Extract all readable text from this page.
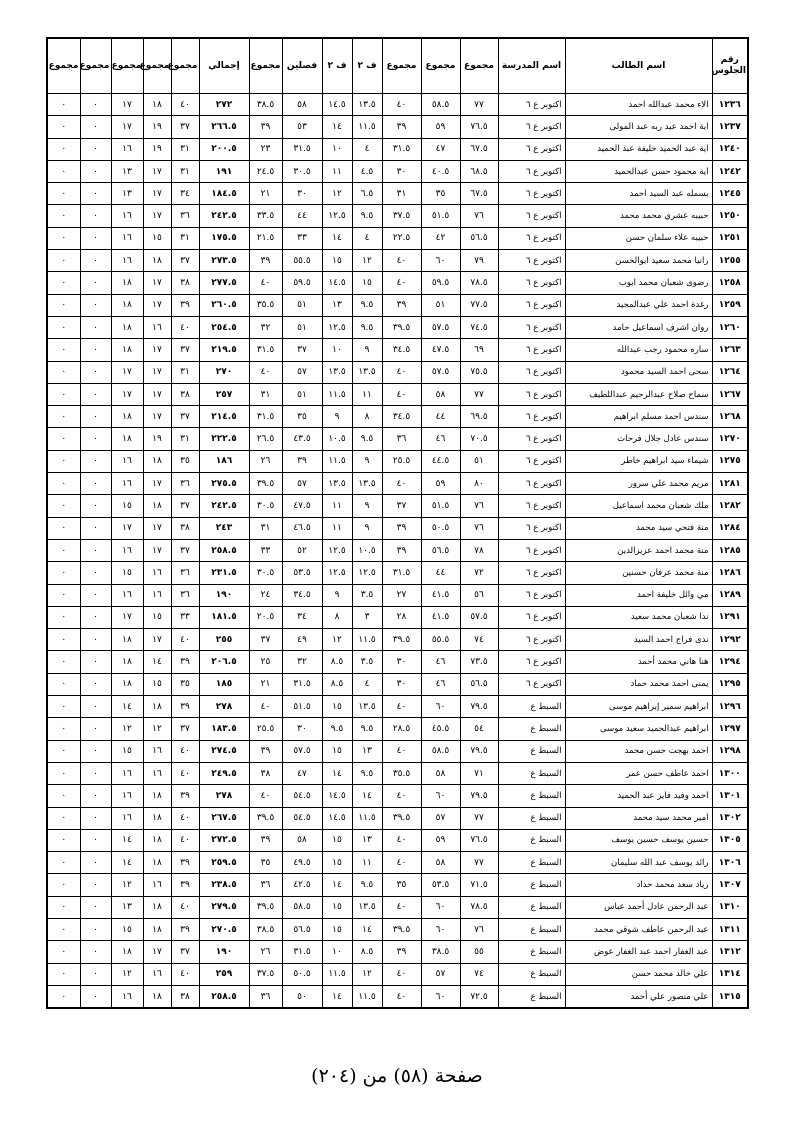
رقم الجلوس	اسم الطالب	اسم المدرسة	مجموع	مجموع	مجموع	ف ٢	ف ٢	فصلين	مجموع	إجمالي	مجموع	مجموع	مجموع	مجموع	مجموع
١٢٣٦	الاء محمد عبدالله احمد	اكتوبر ع ٦	٧٧	٥٨.٥	٤٠	١٣.٥	١٤.٥	٥٨	٣٨.٥	٢٧٢	٤٠	١٨	١٧	٠	٠
١٢٣٧	اية احمد عبد ربه عبد المولى	اكتوبر ع ٦	٧٦.٥	٥٩	٣٩	١١.٥	١٤	٥٣	٣٩	٢٦٦.٥	٣٧	١٩	١٧	٠	٠
١٢٤٠	اية عبد الحميد خليفة عبد الحميد	اكتوبر ع ٦	٦٧.٥	٤٧	٣١.٥	٤	١٠	٣١.٥	٢٣	٢٠٠.٥	٣١	١٩	١٦	٠	٠
١٢٤٢	اية محمود حسن عبدالحميد	اكتوبر ع ٦	٦٨.٥	٤٠.٥	٣٠	٤.٥	١١	٣٠.٥	٢٤.٥	١٩١	٣١	١٧	١٣	٠	٠
١٢٤٥	بسمله عبد السيد احمد	اكتوبر ع ٦	٦٧.٥	٣٥	٣١	٦.٥	١٢	٣٠	٢١	١٨٤.٥	٣٤	١٧	١٣	٠	٠
١٢٥٠	حبيبه عشري محمد محمد	اكتوبر ع ٦	٧٦	٥١.٥	٣٧.٥	٩.٥	١٢.٥	٤٤	٣٣.٥	٢٤٢.٥	٣٦	١٧	١٦	٠	٠
١٢٥١	حبيبه علاء سلمان حسن	اكتوبر ع ٦	٥٦.٥	٤٢	٢٢.٥	٤	١٤	٣٣	٢١.٥	١٧٥.٥	٣١	١٥	١٦	٠	٠
١٢٥٥	رانيا محمد سعيد ابوالحسن	اكتوبر ع ٦	٧٩	٦٠	٤٠	١٢	١٥	٥٥.٥	٣٩	٢٧٣.٥	٣٧	١٨	١٦	٠	٠
١٢٥٨	رضوى شعبان محمد ايوب	اكتوبر ع ٦	٧٨.٥	٥٩.٥	٤٠	١٥	١٤.٥	٥٩.٥	٤٠	٢٧٧.٥	٣٨	١٧	١٨	٠	٠
١٢٥٩	رغدة احمد علي عبدالمجيد	اكتوبر ع ٦	٧٧.٥	٥١	٣٩	٩.٥	١٣	٥١	٣٥.٥	٢٦٠.٥	٣٩	١٧	١٨	٠	٠
١٢٦٠	روان اشرف اسماعيل حامد	اكتوبر ع ٦	٧٤.٥	٥٧.٥	٣٩.٥	٩.٥	١٢.٥	٥١	٣٢	٢٥٤.٥	٤٠	١٦	١٨	٠	٠
١٢٦٣	ساره محمود رجب عبدالله	اكتوبر ع ٦	٦٩	٤٧.٥	٣٤.٥	٩	١٠	٣٧	٣١.٥	٢١٩.٥	٣٧	١٧	١٨	٠	٠
١٢٦٤	سحى احمد السيد محمود	اكتوبر ع ٦	٧٥.٥	٥٧.٥	٤٠	١٣.٥	١٣.٥	٥٧	٤٠	٢٧٠	٣١	١٧	١٧	٠	٠
١٢٦٧	سماح صلاح عبدالرحيم عبداللطيف	اكتوبر ع ٦	٧٧	٥٨	٤٠	١١	١١.٥	٥١	٣١	٢٥٧	٣٨	١٧	١٧	٠	٠
١٢٦٨	سندس احمد مسلم ابراهيم	اكتوبر ع ٦	٦٩.٥	٤٤	٣٤.٥	٨	٩	٣٥	٣١.٥	٢١٤.٥	٣٧	١٧	١٨	٠	٠
١٢٧٠	سندس عادل جلال فرحات	اكتوبر ع ٦	٧٠.٥	٤٦	٣٦	٩.٥	١٠.٥	٤٣.٥	٢٦.٥	٢٢٢.٥	٣١	١٩	١٨	٠	٠
١٢٧٥	شيماء سيد ابراهيم خاطر	اكتوبر ع ٦	٥١	٤٤.٥	٢٥.٥	٩	١١.٥	٣٩	٢٦	١٨٦	٣٥	١٨	١٦	٠	٠
١٢٨١	مريم محمد علي سرور	اكتوبر ع ٦	٨٠	٥٩	٤٠	١٣.٥	١٣.٥	٥٧	٣٩.٥	٢٧٥.٥	٣٦	١٧	١٦	٠	٠
١٢٨٢	ملك شعبان محمد اسماعيل	اكتوبر ع ٦	٧٦	٥١.٥	٣٧	٩	١١	٤٧.٥	٣٠.٥	٢٤٢.٥	٣٧	١٨	١٥	٠	٠
١٢٨٤	منة فتحي سيد محمد	اكتوبر ع ٦	٧٦	٥٠.٥	٣٩	٩	١١	٤٦.٥	٣١	٢٤٣	٣٨	١٧	١٧	٠	٠
١٢٨٥	منة محمد احمد عزيزالدين	اكتوبر ع ٦	٧٨	٥٦.٥	٣٩	١٠.٥	١٢.٥	٥٢	٣٣	٢٥٨.٥	٣٧	١٧	١٦	٠	٠
١٢٨٦	منة محمد عرفان حسنين	اكتوبر ع ٦	٧٢	٤٤	٣١.٥	١٢.٥	١٢.٥	٥٣.٥	٣٠.٥	٢٣١.٥	٣٦	١٦	١٥	٠	٠
١٢٨٩	مي وائل خليفة احمد	اكتوبر ع ٦	٥٦	٤١.٥	٢٧	٣.٥	٩	٣٤.٥	٢٤	١٩٠	٣٦	١٦	١٦	٠	٠
١٢٩١	ندا شعبان محمد سعيد	اكتوبر ع ٦	٥٧.٥	٤١.٥	٢٨	٣	٨	٣٤	٢٠.٥	١٨١.٥	٣٣	١٥	١٧	٠	٠
١٢٩٢	ندى فراج احمد السيد	اكتوبر ع ٦	٧٤	٥٥.٥	٣٩.٥	١١.٥	١٢	٤٩	٣٧	٢٥٥	٤٠	١٧	١٨	٠	٠
١٢٩٤	هنا هاني محمد أحمد	اكتوبر ع ٦	٧٣.٥	٤٦	٣٠	٣.٥	٨.٥	٣٢	٢٥	٢٠٦.٥	٣٩	١٤	١٨	٠	٠
١٢٩٥	يمنى احمد محمد حماد	اكتوبر ع ٦	٥٦.٥	٤٦	٣٠	٤	٨.٥	٣١.٥	٢١	١٨٥	٣٥	١٥	١٨	٠	٠
١٢٩٦	ابراهيم سمير إبراهيم موسى	السبط ع	٧٩.٥	٦٠	٤٠	١٣.٥	١٥	٥١.٥	٤٠	٢٧٨	٣٩	١٨	١٤	٠	٠
١٢٩٧	ابراهيم عبدالحميد سعيد موسى	السبط ع	٥٤	٤٥.٥	٢٨.٥	٩.٥	٩.٥	٣٠	٢٥.٥	١٨٣.٥	٣٧	١٢	١٢	٠	٠
١٢٩٨	احمد بهجت حسن محمد	السبط ع	٧٩.٥	٥٨.٥	٤٠	١٣	١٥	٥٧.٥	٣٩	٢٧٤.٥	٤٠	١٦	١٥	٠	٠
١٣٠٠	احمد عاطف حسن عمر	السبط ع	٧١	٥٨	٣٥.٥	٩.٥	١٤	٤٧	٣٨	٢٤٩.٥	٤٠	١٦	١٦	٠	٠
١٣٠١	احمد وفيد فايز عبد الحميد	السبط ع	٧٩.٥	٦٠	٤٠	١٤	١٤.٥	٥٤.٥	٤٠	٢٧٨	٣٩	١٨	١٦	٠	٠
١٣٠٢	امير محمد سيد محمد	السبط ع	٧٧	٥٧	٣٩.٥	١١.٥	١٤.٥	٥٤.٥	٣٩.٥	٢٦٧.٥	٤٠	١٨	١٦	٠	٠
١٣٠٥	حسين يوسف حسين يوسف	السبط ع	٧٦.٥	٥٩	٤٠	١٣	١٥	٥٨	٣٩	٢٧٢.٥	٤٠	١٨	١٤	٠	٠
١٣٠٦	رائد يوسف عبد الله سليمان	السبط ع	٧٧	٥٨	٤٠	١١	١٥	٤٩.٥	٣٥	٢٥٩.٥	٣٩	١٨	١٤	٠	٠
١٣٠٧	رياد سعد محمد حداد	السبط ع	٧١.٥	٥٣.٥	٣٥	٩.٥	١٤	٤٢.٥	٣٦	٢٣٨.٥	٣٩	١٦	١٢	٠	٠
١٣١٠	عبد الرحمن عادل أحمد عباس	السبط ع	٧٨.٥	٦٠	٤٠	١٣.٥	١٥	٥٨.٥	٣٩.٥	٢٧٩.٥	٤٠	١٨	١٣	٠	٠
١٣١١	عبد الرحمن عاطف شوقي محمد	السبط ع	٧٦	٦٠	٣٩.٥	١٤	١٥	٥٦.٥	٣٨.٥	٢٧٠.٥	٣٩	١٨	١٥	٠	٠
١٣١٢	عبد الغفار احمد عبد الغفار عوض	السبط ع	٥٥	٣٨.٥	٣٩	٨.٥	١٠	٣١.٥	٢٦	١٩٠	٣٧	١٧	١٨	٠	٠
١٣١٤	علي خالد محمد حسن	السبط ع	٧٤	٥٧	٤٠	١٢	١١.٥	٥٠.٥	٣٧.٥	٢٥٩	٤٠	١٦	١٢	٠	٠
١٣١٥	علي منصور علي أحمد	السبط ع	٧٢.٥	٦٠	٤٠	١١.٥	١٤	٥٠	٣٦	٢٥٨.٥	٣٨	١٨	١٦	٠	٠
صفحة (٥٨) من (٢٠٤)
